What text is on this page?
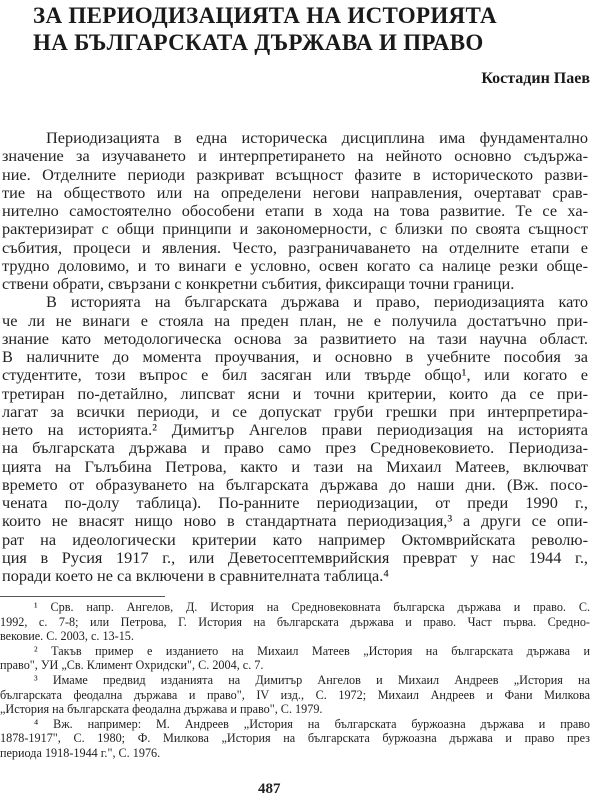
ЗА ПЕРИОДИЗАЦИЯТА НА ИСТОРИЯТА
НА БЪЛГАРСКАТА ДЪРЖАВА И ПРАВО
Костадин Паев
Периодизацията в една историческа дисциплина има фундаментално
значение за изучаването и интерпретирането на нейното основно съдържа-
ние. Отделните периоди разкриват всъщност фазите в историческото разви-
тие на обществото или на определени негови направления, очертават срав-
нително самостоятелно обособени етапи в хода на това развитие. Те се ха-
рактеризират с общи принципи и закономерности, с близки по своята същност
събития, процеси и явления. Често, разграничаването на отделните етапи е
трудно доловимо, и то винаги е условно, освен когато са налице резки обще-
ствени обрати, свързани с конкретни събития, фиксиращи точни граници.
В историята на българската държава и право, периодизацията като
че ли не винаги е стояла на преден план, не е получила достатъчно при-
знание като методологическа основа за развитието на тази научна област.
В наличните до момента проучвания, и основно в учебните пособия за
студентите, този въпрос е бил засяган или твърде общо¹, или когато е
третиран по-детайлно, липсват ясни и точни критерии, които да се при-
лагат за всички периоди, и се допускат груби грешки при интерпретира-
нето на историята.² Димитър Ангелов прави периодизация на историята
на българската държава и право само през Средновековието. Периодиза-
цията на Гълъбина Петрова, както и тази на Михаил Матеев, включват
времето от образуването на българската държава до наши дни. (Вж. посо-
чената по-долу таблица). По-ранните периодизации, от преди 1990 г.,
които не внасят нищо ново в стандартната периодизация,³ а други се опи-
рат на идеологически критерии като например Октомврийската револю-
ция в Русия 1917 г., или Деветосептемврийския преврат у нас 1944 г.,
поради което не са включени в сравнителната таблица.⁴
¹ Срв. напр. Ангелов, Д. История на Средновековната българска държава и право. С.
1992, с. 7-8; или Петрова, Г. История на българската държава и право. Част първа. Средно-
вековие. С. 2003, с. 13-15.
² Такъв пример е изданието на Михаил Матеев „История на българската държава и
право", УИ „Св. Климент Охридски", С. 2004, с. 7.
³ Имаме предвид изданията на Димитър Ангелов и Михаил Андреев „История на
българската феодална държава и право", IV изд., С. 1972; Михаил Андреев и Фани Милкова
„История на българската феодална държава и право", С. 1979.
⁴ Вж. например: М. Андреев „История на българската буржоазна държава и право
1878-1917", С. 1980; Ф. Милкова „История на българската буржоазна държава и право през
периода 1918-1944 г.", С. 1976.
487
